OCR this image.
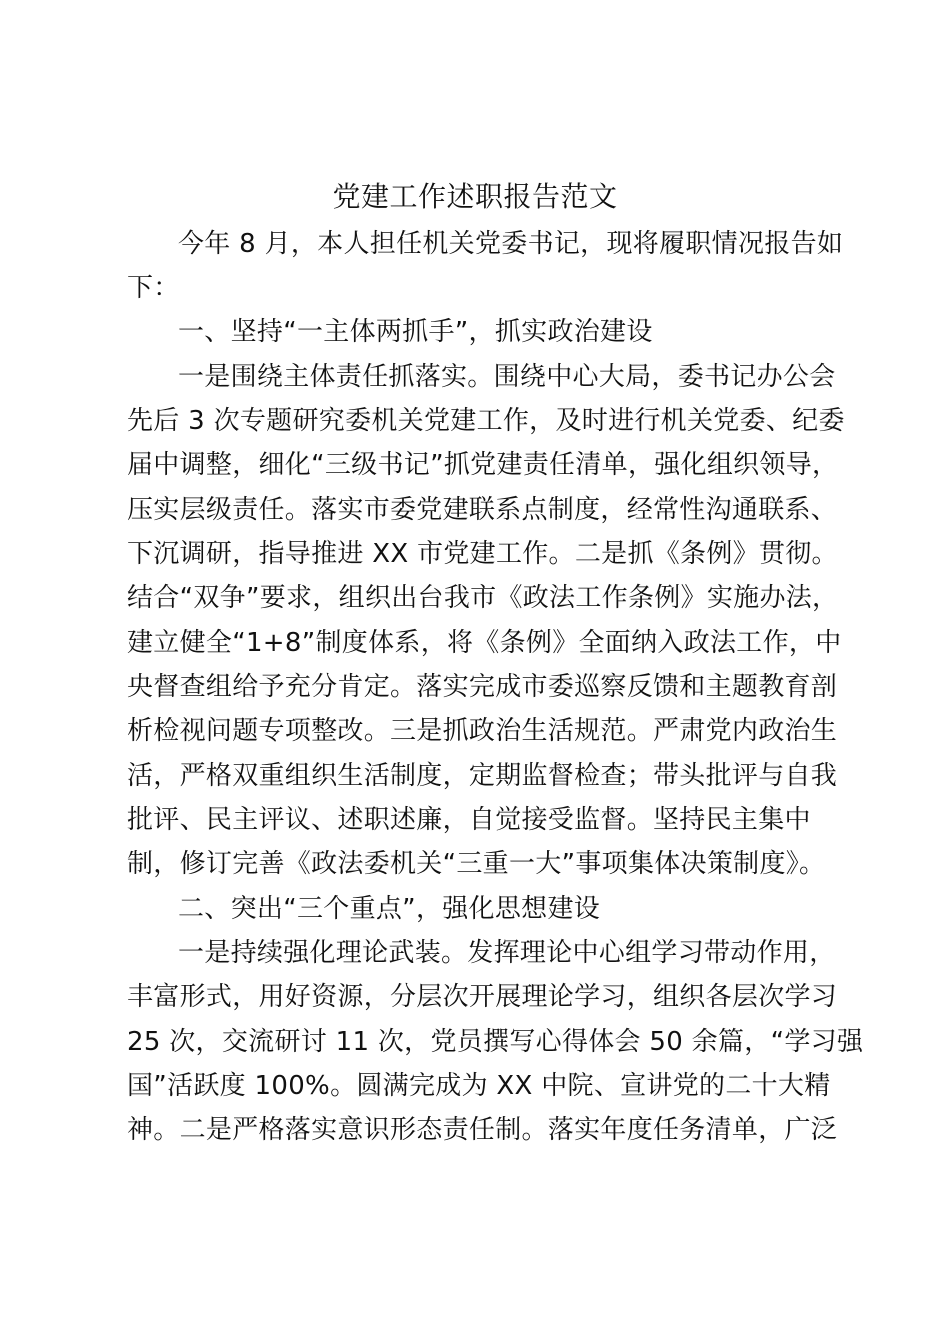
党建工作述职报告范文
今年 8 月，本人担任机关党委书记，现将履职情况报告如
下：
一、坚持“一主体两抓手”，抓实政治建设
一是围绕主体责任抓落实。围绕中心大局，委书记办公会
先后 3 次专题研究委机关党建工作，及时进行机关党委、纪委
届中调整，细化“三级书记”抓党建责任清单，强化组织领导，
压实层级责任。落实市委党建联系点制度，经常性沟通联系、
下沉调研，指导推进 XX 市党建工作。二是抓《条例》贯彻。
结合“双争”要求，组织出台我市《政法工作条例》实施办法，
建立健全“1+8”制度体系，将《条例》全面纳入政法工作，中
央督查组给予充分肯定。落实完成市委巡察反馈和主题教育剖
析检视问题专项整改。三是抓政治生活规范。严肃党内政治生
活，严格双重组织生活制度，定期监督检查；带头批评与自我
批评、民主评议、述职述廉，自觉接受监督。坚持民主集中
制，修订完善《政法委机关“三重一大”事项集体决策制度》。
二、突出“三个重点”，强化思想建设
一是持续强化理论武装。发挥理论中心组学习带动作用，
丰富形式，用好资源，分层次开展理论学习，组织各层次学习
25 次，交流研讨 11 次，党员撰写心得体会 50 余篇，“学习强
国”活跃度 100%。圆满完成为 XX 中院、宣讲党的二十大精
神。二是严格落实意识形态责任制。落实年度任务清单，广泛
